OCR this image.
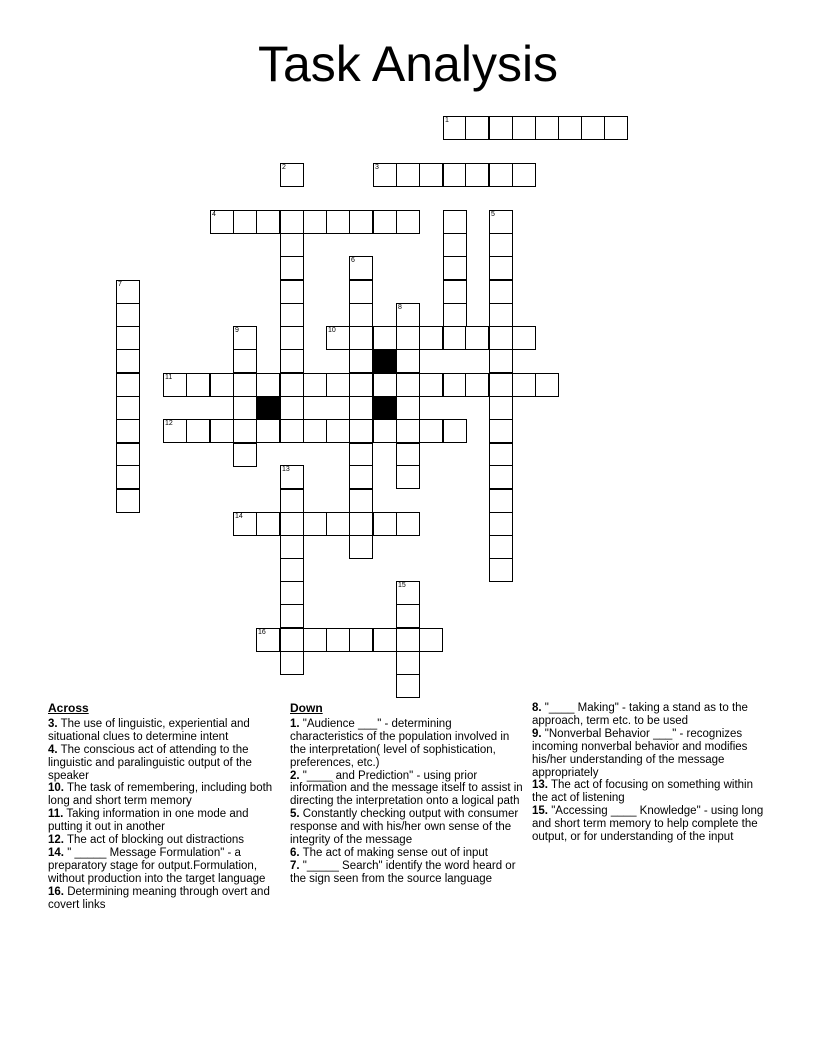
Task Analysis
1
2	3
4	5
6
7
8
9	10
11
12
13
14
15
16
Across

3. The use of linguistic, experiential and situational clues to determine intent

4. The conscious act of attending to the linguistic and paralinguistic output of the speaker

10. The task of remembering, including both long and short term memory

11. Taking information in one mode and putting it out in another

12. The act of blocking out distractions

14. " _____ Message Formulation" - a preparatory stage for output.Formulation, without production into the target language

16. Determining meaning through overt and covert links

Down

1. "Audience ___" - determining characteristics of the population involved in the interpretation( level of sophistication, preferences, etc.)

2. "____ and Prediction" - using prior information and the message itself to assist in directing the interpretation onto a logical path

5. Constantly checking output with consumer response and with his/her own sense of the integrity of the message

6. The act of making sense out of input

7. "_____ Search" identify the word heard or the sign seen from the source language

8. "____ Making" - taking a stand as to the approach, term etc. to be used

9. "Nonverbal Behavior ___" - recognizes incoming nonverbal behavior and modifies his/her understanding of the message appropriately

13. The act of focusing on something within the act of listening

15. "Accessing ____ Knowledge" - using long and short term memory to help complete the output, or for understanding of the input
